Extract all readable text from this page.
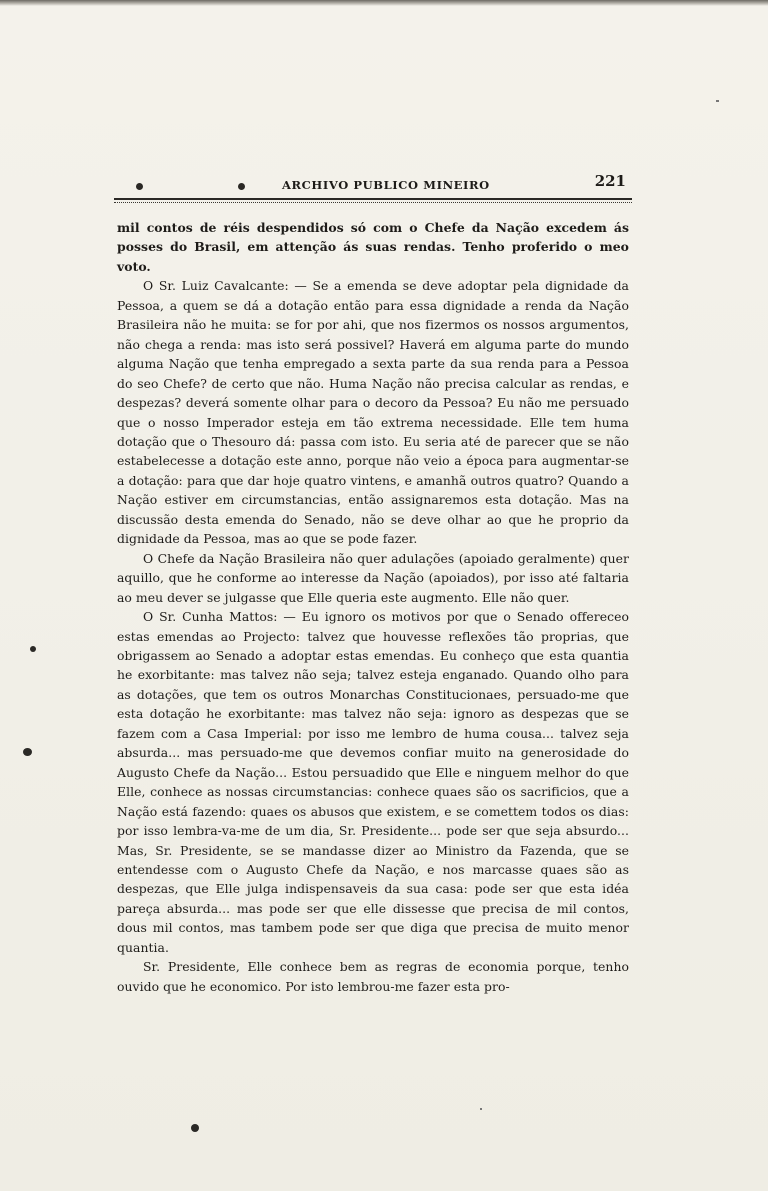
ARCHIVO PUBLICO MINEIRO	221

mil contos de réis despendidos só com o Chefe da Nação excedem ás posses do Brasil, em attenção ás suas rendas. Tenho proferido o meo voto.

O Sr. Luiz Cavalcante: — Se a emenda se deve adoptar pela dignidade da Pessoa, a quem se dá a dotação então para essa dignidade a renda da Nação Brasileira não he muita: se for por ahi, que nos fizermos os nossos argumentos, não chega a renda: mas isto será possivel? Haverá em alguma parte do mundo alguma Nação que tenha empregado a sexta parte da sua renda para a Pessoa do seo Chefe? de certo que não. Huma Nação não precisa calcular as rendas, e despezas? deverá somente olhar para o decoro da Pessoa? Eu não me persuado que o nosso Imperador esteja em tão extrema necessidade. Elle tem huma dotação que o Thesouro dá: passa com isto. Eu seria até de parecer que se não estabelecesse a dotação este anno, porque não veio a época para augmentar-se a dotação: para que dar hoje quatro vintens, e amanhã outros quatro? Quando a Nação estiver em circumstancias, então assignaremos esta dotação. Mas na discussão desta emenda do Senado, não se deve olhar ao que he proprio da dignidade da Pessoa, mas ao que se pode fazer.

O Chefe da Nação Brasileira não quer adulações (apoiado geralmente) quer aquillo, que he conforme ao interesse da Nação (apoiados), por isso até faltaria ao meu dever se julgasse que Elle queria este augmento. Elle não quer.

O Sr. Cunha Mattos: — Eu ignoro os motivos por que o Senado offereceo estas emendas ao Projecto: talvez que houvesse reflexões tão proprias, que obrigassem ao Senado a adoptar estas emendas. Eu conheço que esta quantia he exorbitante: mas talvez não seja; talvez esteja enganado. Quando olho para as dotações, que tem os outros Monarchas Constitucionaes, persuado-me que esta dotação he exorbitante: mas talvez não seja: ignoro as despezas que se fazem com a Casa Imperial: por isso me lembro de huma cousa... talvez seja absurda... mas persuado-me que devemos confiar muito na generosidade do Augusto Chefe da Nação... Estou persuadido que Elle e ninguem melhor do que Elle, conhece as nossas circumstancias: conhece quaes são os sacrificios, que a Nação está fazendo: quaes os abusos que existem, e se comettem todos os dias: por isso lembra-va-me de um dia, Sr. Presidente... pode ser que seja absurdo... Mas, Sr. Presidente, se se mandasse dizer ao Ministro da Fazenda, que se entendesse com o Augusto Chefe da Nação, e nos marcasse quaes são as despezas, que Elle julga indispensaveis da sua casa: pode ser que esta idéa pareça absurda... mas pode ser que elle dissesse que precisa de mil contos, dous mil contos, mas tambem pode ser que diga que precisa de muito menor quantia.

Sr. Presidente, Elle conhece bem as regras de economia porque, tenho ouvido que he economico. Por isto lembrou-me fazer esta pro-
